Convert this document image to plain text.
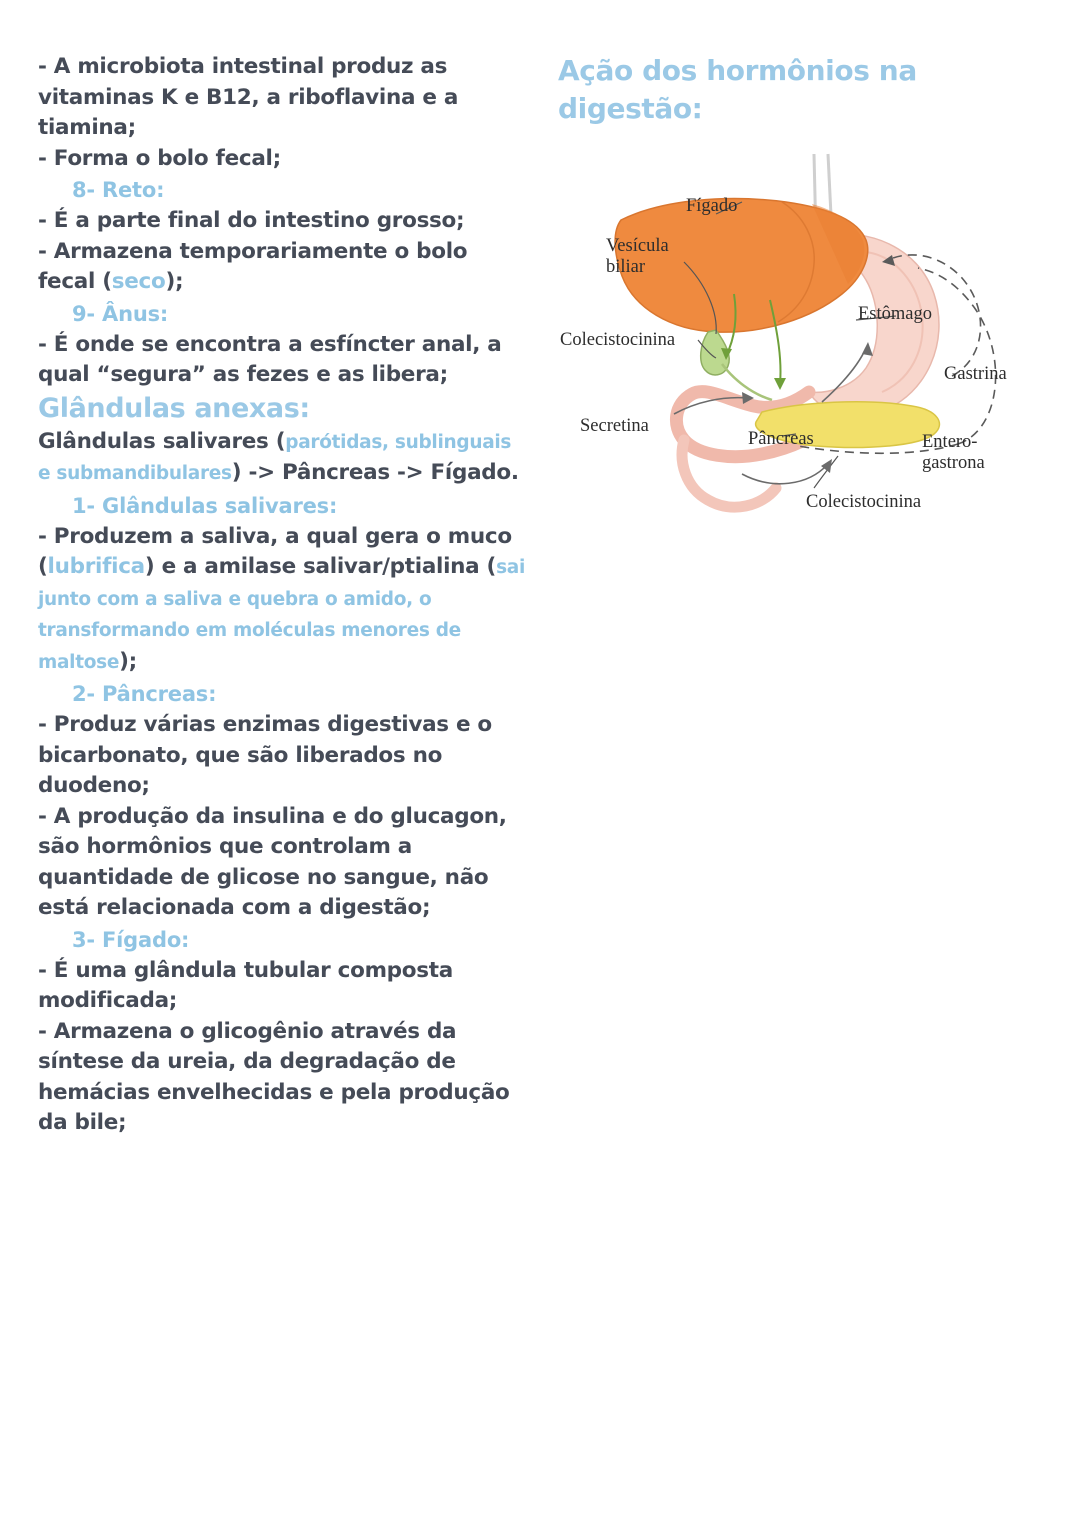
- A microbiota intestinal produz as vitaminas K e B12, a riboflavina e a tiamina;

- Forma o bolo fecal;

8- Reto:

- É a parte final do intestino grosso;

- Armazena temporariamente o bolo fecal (seco);

9- Ânus:

- É onde se encontra a esfíncter anal, a qual “segura” as fezes e as libera;

Glândulas anexas:

Glândulas salivares (parótidas, sublinguais e submandibulares) -> Pâncreas -> Fígado.

1- Glândulas salivares:

- Produzem a saliva, a qual gera o muco (lubrifica) e a amilase salivar/ptialina (sai junto com a saliva e quebra o amido, o transformando em moléculas menores de maltose);

2- Pâncreas:

- Produz várias enzimas digestivas e o bicarbonato, que são liberados no duodeno;

- A produção da insulina e do glucagon, são hormônios que controlam a quantidade de glicose no sangue, não está relacionada com a digestão;

3- Fígado:

- É uma glândula tubular composta modificada;

- Armazena o glicogênio através da síntese da ureia, da degradação de hemácias envelhecidas e pela produção da bile;

Ação dos hormônios na digestão:

Fígado
Vesícula
biliar
Colecistocinina
Estômago
Gastrina
Secretina
Pâncreas	Entero-
gastrona
Colecistocinina
